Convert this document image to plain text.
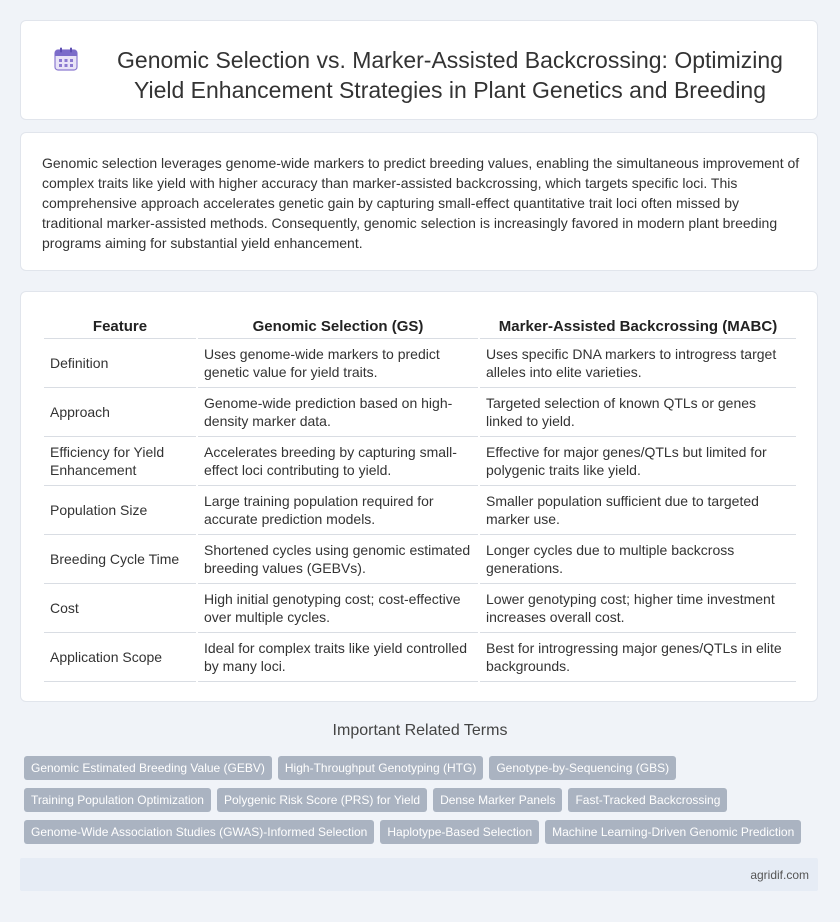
Genomic Selection vs. Marker-Assisted Backcrossing: Optimizing Yield Enhancement Strategies in Plant Genetics and Breeding

Genomic selection leverages genome-wide markers to predict breeding values, enabling the simultaneous improvement of complex traits like yield with higher accuracy than marker-assisted backcrossing, which targets specific loci. This comprehensive approach accelerates genetic gain by capturing small-effect quantitative trait loci often missed by traditional marker-assisted methods. Consequently, genomic selection is increasingly favored in modern plant breeding programs aiming for substantial yield enhancement.

Feature	Genomic Selection (GS)	Marker-Assisted Backcrossing (MABC)
Definition	Uses genome-wide markers to predict genetic value for yield traits.	Uses specific DNA markers to introgress target alleles into elite varieties.
Approach	Genome-wide prediction based on high-density marker data.	Targeted selection of known QTLs or genes linked to yield.
Efficiency for Yield Enhancement	Accelerates breeding by capturing small-effect loci contributing to yield.	Effective for major genes/QTLs but limited for polygenic traits like yield.
Population Size	Large training population required for accurate prediction models.	Smaller population sufficient due to targeted marker use.
Breeding Cycle Time	Shortened cycles using genomic estimated breeding values (GEBVs).	Longer cycles due to multiple backcross generations.
Cost	High initial genotyping cost; cost-effective over multiple cycles.	Lower genotyping cost; higher time investment increases overall cost.
Application Scope	Ideal for complex traits like yield controlled by many loci.	Best for introgressing major genes/QTLs in elite backgrounds.
Important Related Terms
Genomic Estimated Breeding Value (GEBV)	High-Throughput Genotyping (HTG)	Genotype-by-Sequencing (GBS)
Training Population Optimization	Polygenic Risk Score (PRS) for Yield	Dense Marker Panels	Fast-Tracked Backcrossing
Genome-Wide Association Studies (GWAS)-Informed Selection	Haplotype-Based Selection	Machine Learning-Driven Genomic Prediction
agridif.com
